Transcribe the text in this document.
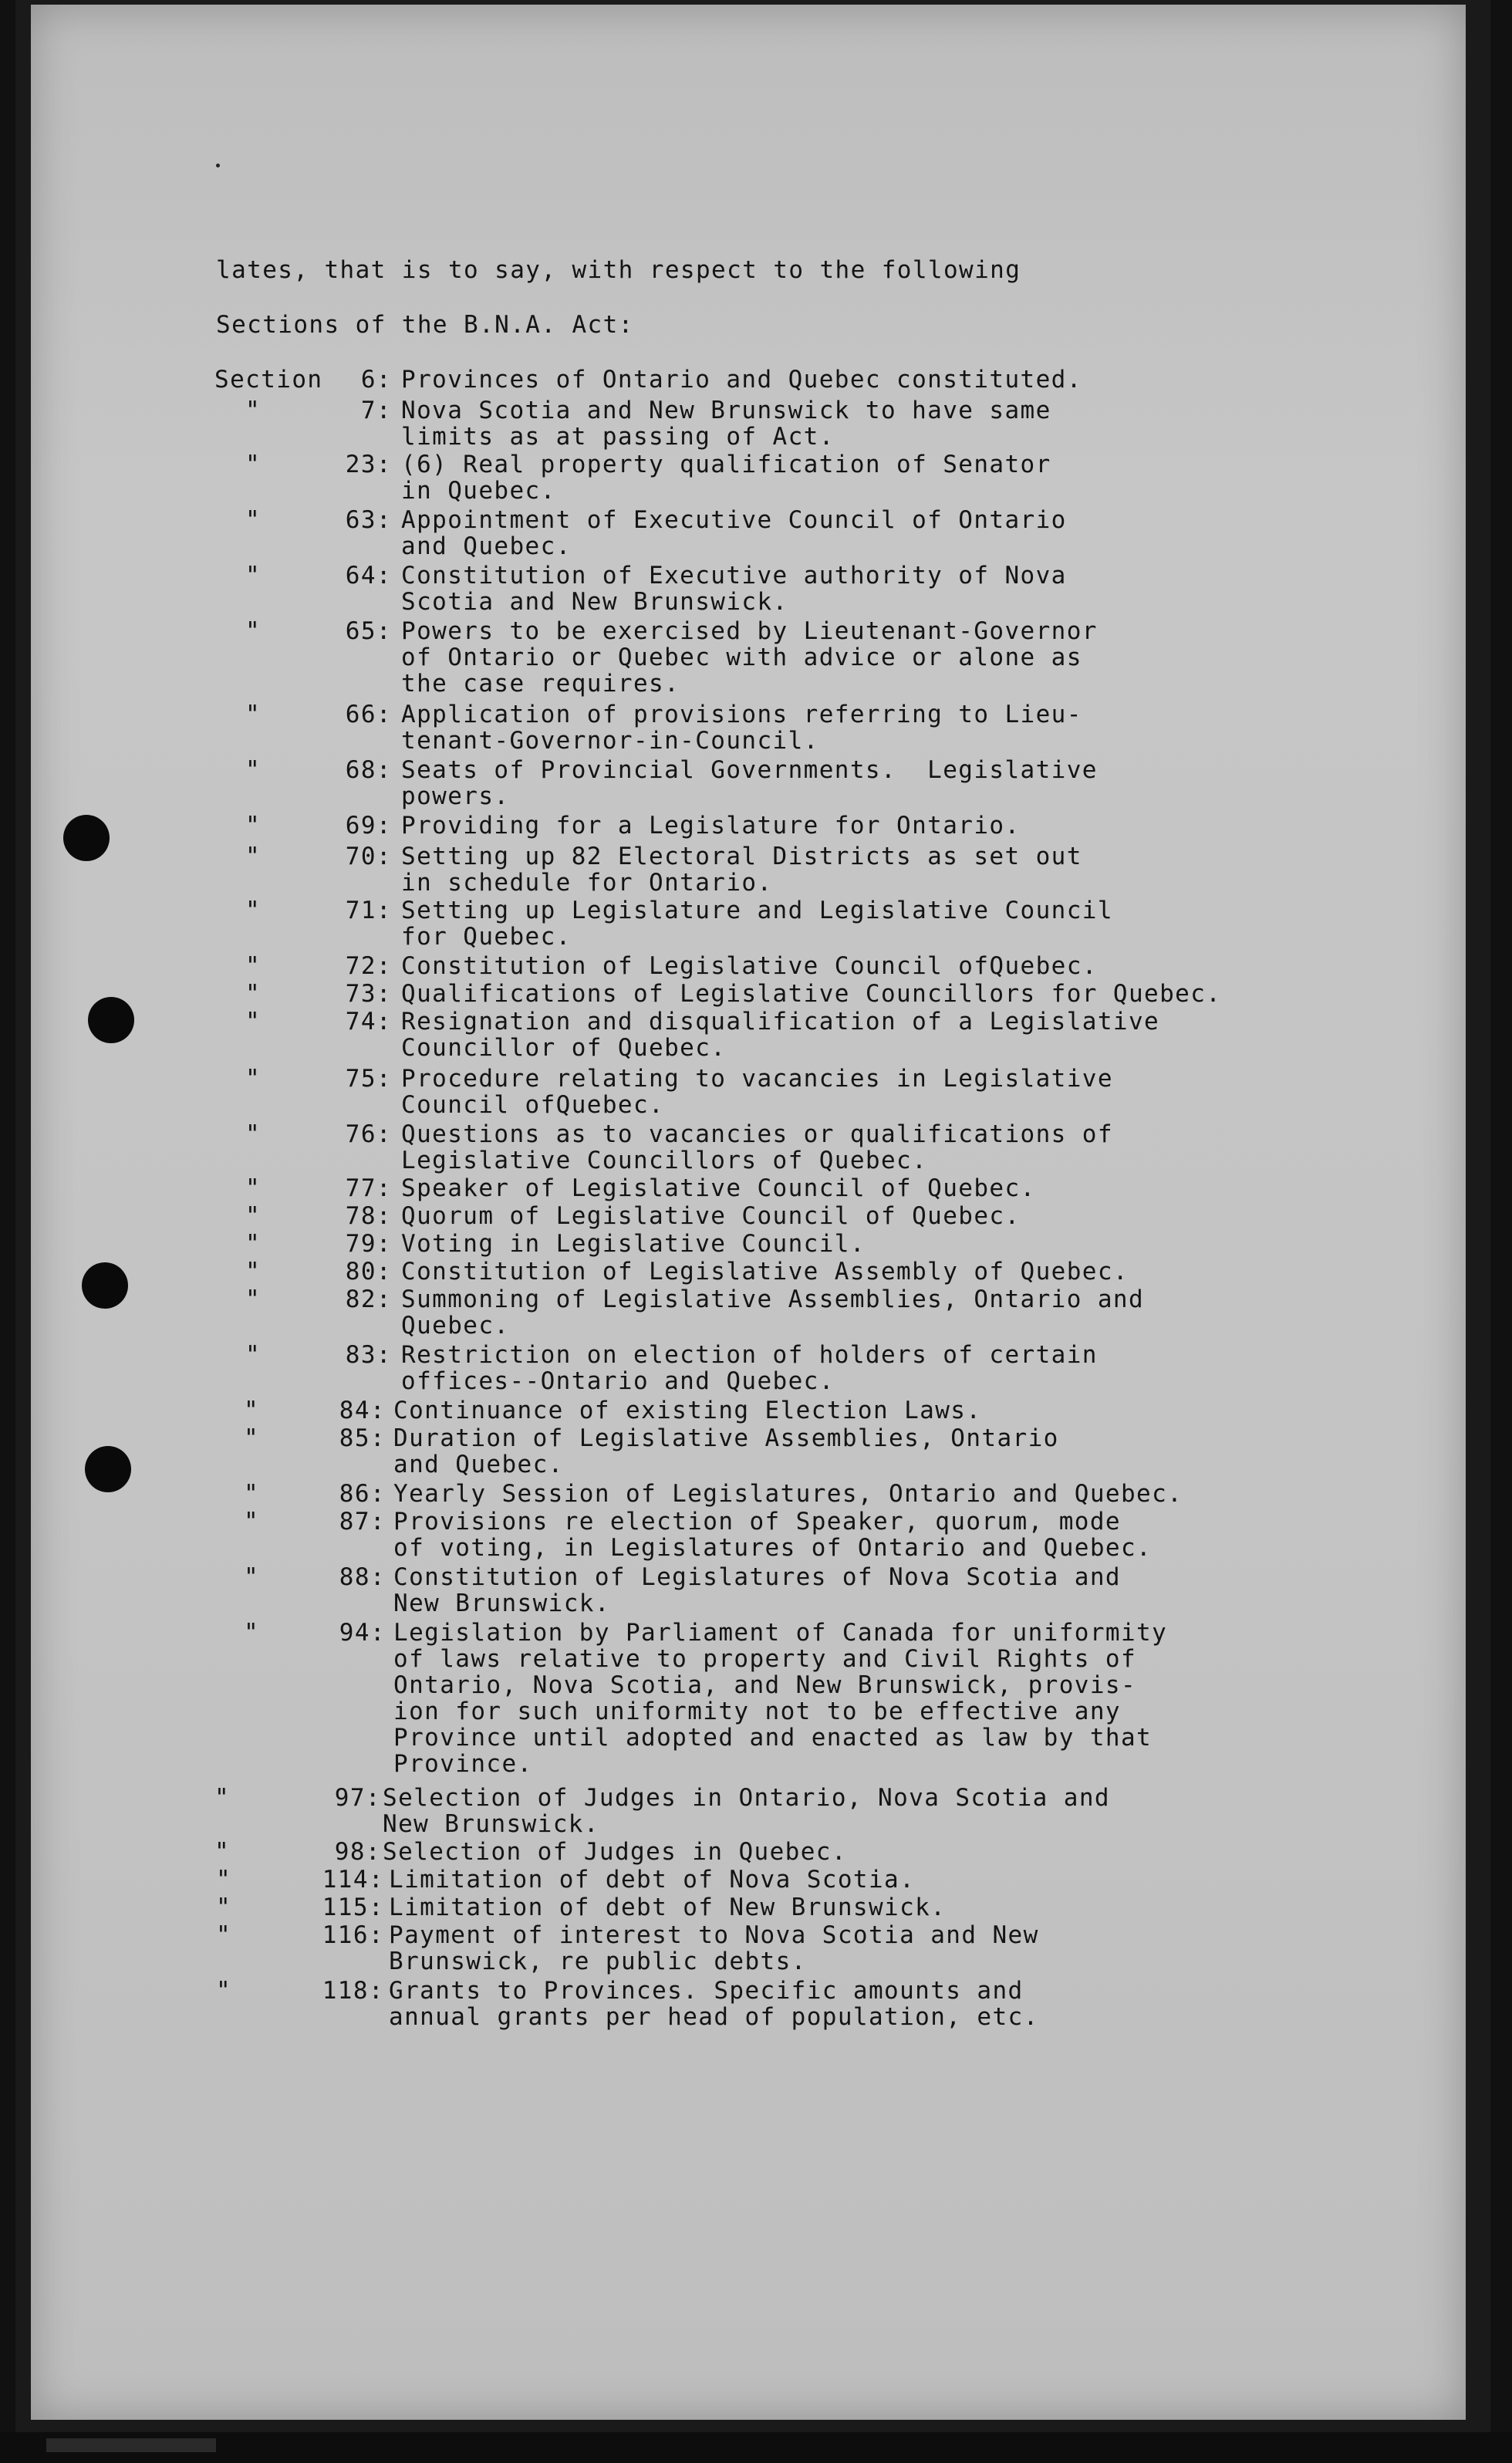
lates, that is to say, with respect to the following
Sections of the B.N.A. Act:
Section	6: Provinces of Ontario and Quebec constituted.
"	7: Nova Scotia and New Brunswick to have same
limits as at passing of Act.
"	23: (6) Real property qualification of Senator
in Quebec.
"	63: Appointment of Executive Council of Ontario
and Quebec.
"	64: Constitution of Executive authority of Nova
Scotia and New Brunswick.
"	65: Powers to be exercised by Lieutenant-Governor
of Ontario or Quebec with advice or alone as
the case requires.
"	66: Application of provisions referring to Lieu-
tenant-Governor-in-Council.
"	68: Seats of Provincial Governments.  Legislative
powers.
"	69: Providing for a Legislature for Ontario.
"	70: Setting up 82 Electoral Districts as set out
in schedule for Ontario.
"	71: Setting up Legislature and Legislative Council
for Quebec.
"	72: Constitution of Legislative Council ofQuebec.
"	73: Qualifications of Legislative Councillors for Quebec.
"	74: Resignation and disqualification of a Legislative
Councillor of Quebec.
"	75: Procedure relating to vacancies in Legislative
Council ofQuebec.
"	76: Questions as to vacancies or qualifications of
Legislative Councillors of Quebec.
"	77: Speaker of Legislative Council of Quebec.
"	78: Quorum of Legislative Council of Quebec.
"	79: Voting in Legislative Council.
"	80: Constitution of Legislative Assembly of Quebec.
"	82: Summoning of Legislative Assemblies, Ontario and
Quebec.
"	83: Restriction on election of holders of certain
offices--Ontario and Quebec.
"	84: Continuance of existing Election Laws.
"	85: Duration of Legislative Assemblies, Ontario
and Quebec.
"	86: Yearly Session of Legislatures, Ontario and Quebec.
"	87: Provisions re election of Speaker, quorum, mode
of voting, in Legislatures of Ontario and Quebec.
"	88: Constitution of Legislatures of Nova Scotia and
New Brunswick.
"	94: Legislation by Parliament of Canada for uniformity
of laws relative to property and Civil Rights of
Ontario, Nova Scotia, and New Brunswick, provis-
ion for such uniformity not to be effective any
Province until adopted and enacted as law by that
Province.
"	97: Selection of Judges in Ontario, Nova Scotia and
New Brunswick.
"	98: Selection of Judges in Quebec.
"	114: Limitation of debt of Nova Scotia.
"	115: Limitation of debt of New Brunswick.
"	116: Payment of interest to Nova Scotia and New
Brunswick, re public debts.
"	118: Grants to Provinces. Specific amounts and
annual grants per head of population, etc.
